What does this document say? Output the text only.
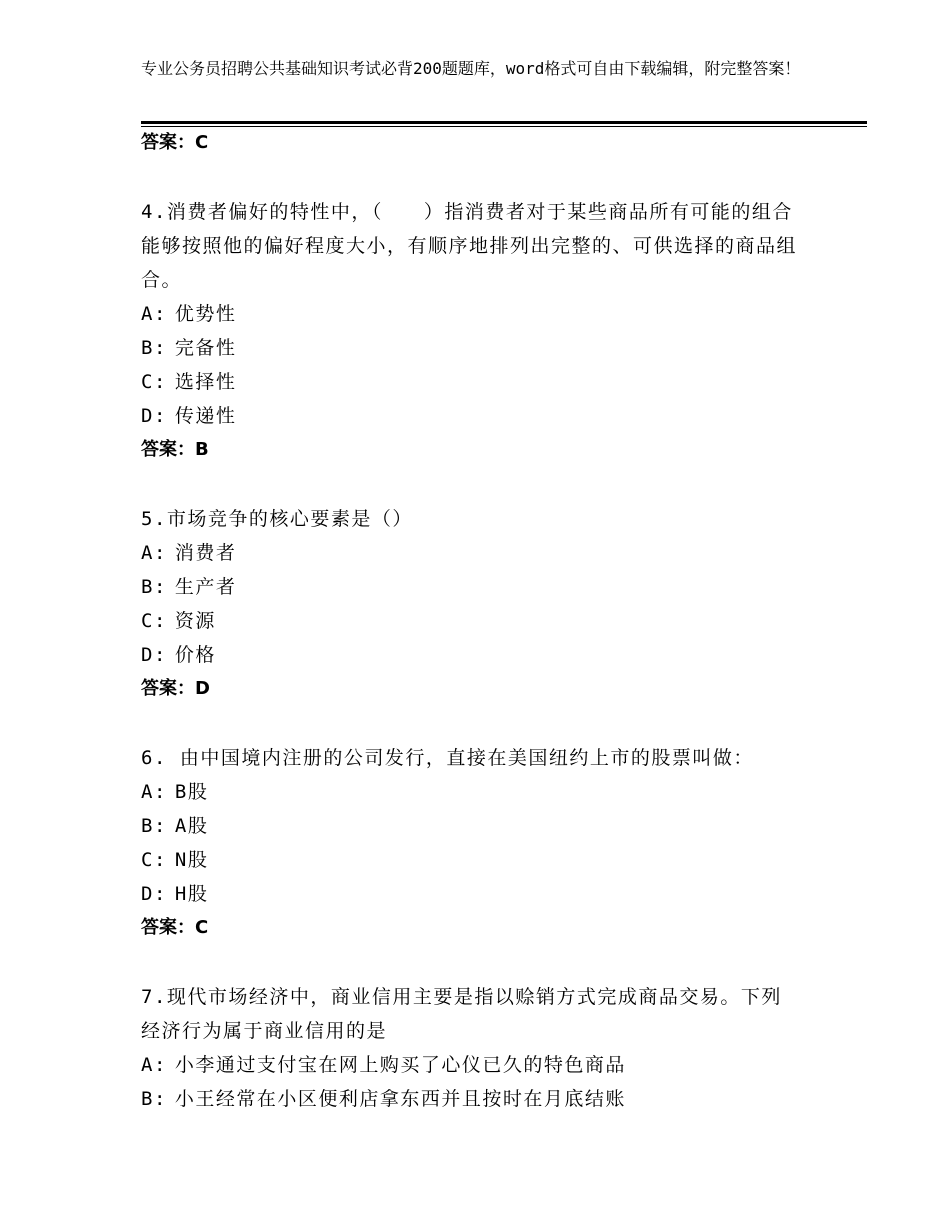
专业公务员招聘公共基础知识考试必背200题题库，word格式可自由下载编辑，附完整答案！
答案：C
4.消费者偏好的特性中，（　　）指消费者对于某些商品所有可能的组合能够按照他的偏好程度大小，有顺序地排列出完整的、可供选择的商品组合。
A: 优势性
B: 完备性
C: 选择性
D: 传递性
答案：B
5.市场竞争的核心要素是（）
A: 消费者
B: 生产者
C: 资源
D: 价格
答案：D
6. 由中国境内注册的公司发行，直接在美国纽约上市的股票叫做：
A: B股
B: A股
C: N股
D: H股
答案：C
7.现代市场经济中，商业信用主要是指以赊销方式完成商品交易。下列经济行为属于商业信用的是
A: 小李通过支付宝在网上购买了心仪已久的特色商品
B: 小王经常在小区便利店拿东西并且按时在月底结账
